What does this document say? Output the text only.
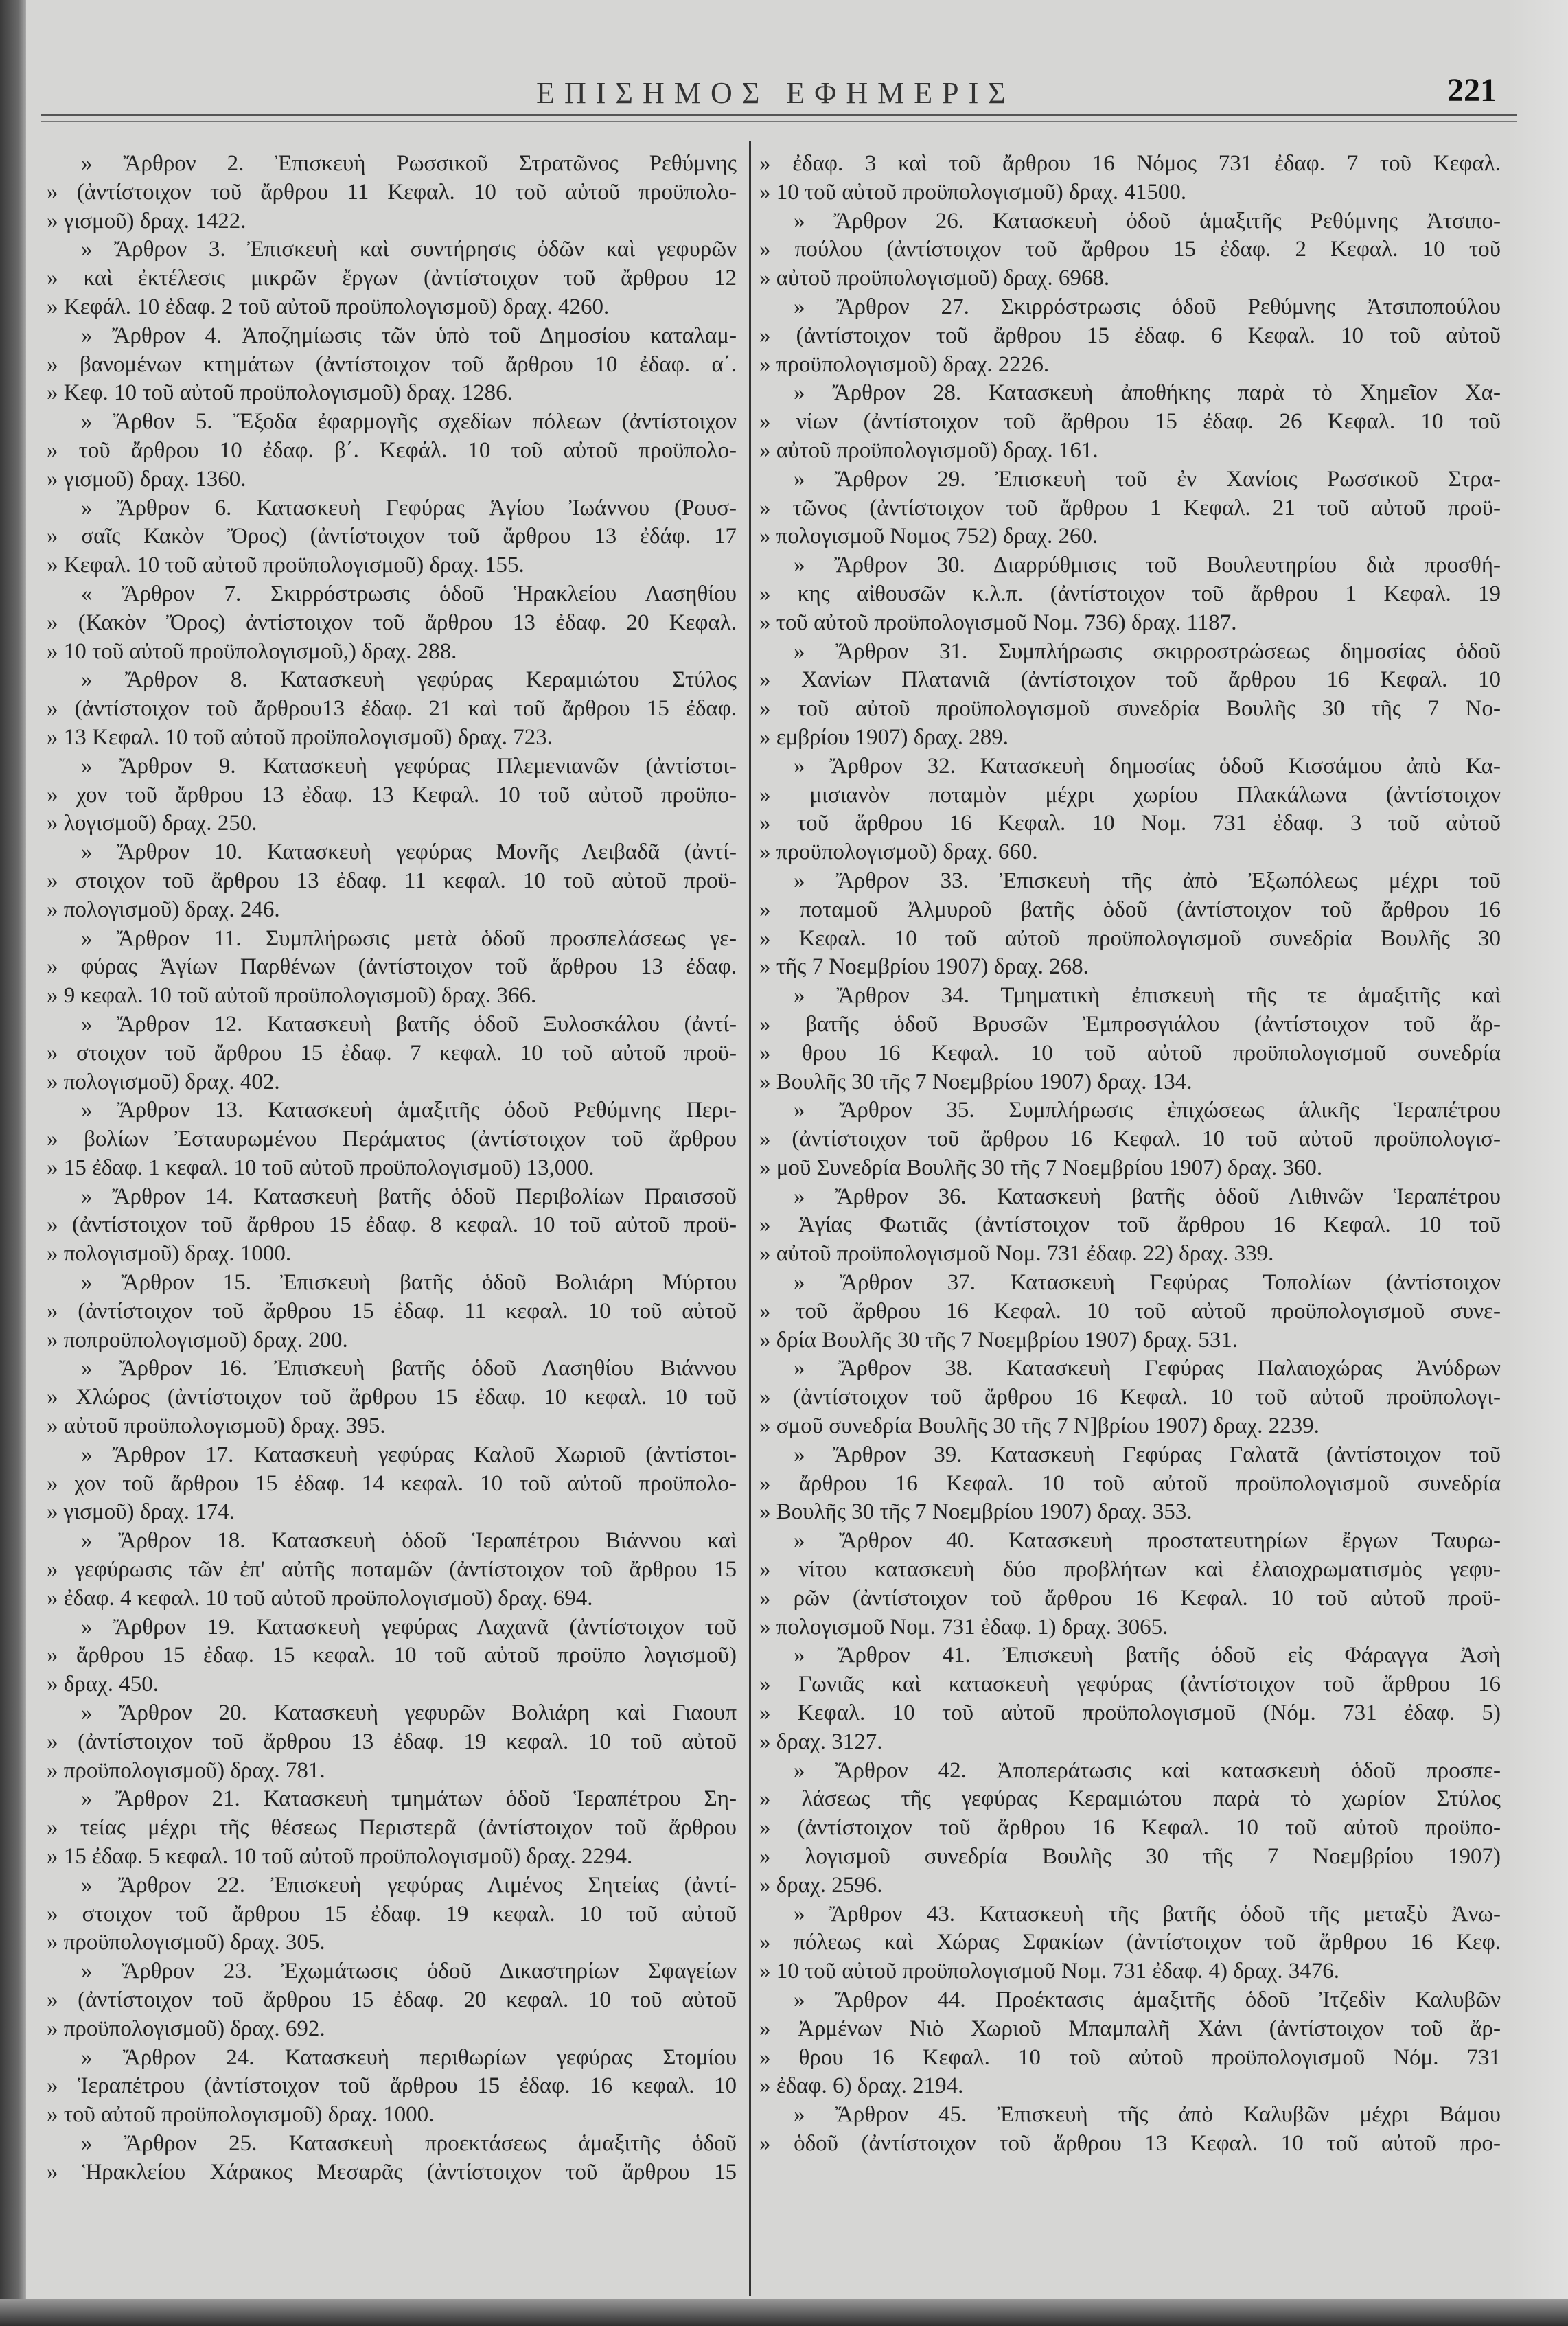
ΕΠΙΣΗΜΟΣ ΕΦΗΜΕΡΙΣ	221
» Ἄρθρον 2. Ἐπισκευὴ Ρωσσικοῦ Στρατῶνος Ρεθύμνης
» (ἀντίστοιχον τοῦ ἄρθρου 11 Κεφαλ. 10 τοῦ αὐτοῦ προϋπολο-
» γισμοῦ) δραχ. 1422.
» Ἄρθρον 3. Ἐπισκευὴ καὶ συντήρησις ὁδῶν καὶ γεφυρῶν
» καὶ ἐκτέλεσις μικρῶν ἔργων (ἀντίστοιχον τοῦ ἄρθρου 12
» Κεφάλ. 10 ἐδαφ. 2 τοῦ αὐτοῦ προϋπολογισμοῦ) δραχ. 4260.
» Ἄρθρον 4. Ἀποζημίωσις τῶν ὑπὸ τοῦ Δημοσίου καταλαμ-
» βανομένων κτημάτων (ἀντίστοιχον τοῦ ἄρθρου 10 ἐδαφ. α΄.
» Κεφ. 10 τοῦ αὐτοῦ προϋπολογισμοῦ) δραχ. 1286.
» Ἄρθον 5. Ἔξοδα ἐφαρμογῆς σχεδίων πόλεων (ἀντίστοιχον
» τοῦ ἄρθρου 10 ἐδαφ. β΄. Κεφάλ. 10 τοῦ αὐτοῦ προϋπολο-
» γισμοῦ) δραχ. 1360.
» Ἄρθρον 6. Κατασκευὴ Γεφύρας Ἁγίου Ἰωάννου (Ρουσ-
» σαῖς Κακὸν Ὄρος) (ἀντίστοιχον τοῦ ἄρθρου 13 ἐδάφ. 17
» Κεφαλ. 10 τοῦ αὐτοῦ προϋπολογισμοῦ) δραχ. 155.
« Ἄρθρον 7. Σκιρρόστρωσις ὁδοῦ Ἡρακλείου Λασηθίου
» (Κακὸν Ὄρος) ἀντίστοιχον τοῦ ἄρθρου 13 ἐδαφ. 20 Κεφαλ.
» 10 τοῦ αὐτοῦ προϋπολογισμοῦ,) δραχ. 288.
» Ἄρθρον 8. Κατασκευὴ γεφύρας Κεραμιώτου Στύλος
» (ἀντίστοιχον τοῦ ἄρθρου13 ἐδαφ. 21 καὶ τοῦ ἄρθρου 15 ἐδαφ.
» 13 Κεφαλ. 10 τοῦ αὐτοῦ προϋπολογισμοῦ) δραχ. 723.
» Ἄρθρον 9. Κατασκευὴ γεφύρας Πλεμενιανῶν (ἀντίστοι-
» χον τοῦ ἄρθρου 13 ἐδαφ. 13 Κεφαλ. 10 τοῦ αὐτοῦ προϋπο-
» λογισμοῦ) δραχ. 250.
» Ἄρθρον 10. Κατασκευὴ γεφύρας Μονῆς Λειβαδᾶ (ἀντί-
» στοιχον τοῦ ἄρθρου 13 ἐδαφ. 11 κεφαλ. 10 τοῦ αὐτοῦ προϋ-
» πολογισμοῦ) δραχ. 246.
» Ἄρθρον 11. Συμπλήρωσις μετὰ ὁδοῦ προσπελάσεως γε-
» φύρας Ἁγίων Παρθένων (ἀντίστοιχον τοῦ ἄρθρου 13 ἐδαφ.
» 9 κεφαλ. 10 τοῦ αὐτοῦ προϋπολογισμοῦ) δραχ. 366.
» Ἄρθρον 12. Κατασκευὴ βατῆς ὁδοῦ Ξυλοσκάλου (ἀντί-
» στοιχον τοῦ ἄρθρου 15 ἐδαφ. 7 κεφαλ. 10 τοῦ αὐτοῦ προϋ-
» πολογισμοῦ) δραχ. 402.
» Ἄρθρον 13. Κατασκευὴ ἁμαξιτῆς ὁδοῦ Ρεθύμνης Περι-
» βολίων Ἐσταυρωμένου Περάματος (ἀντίστοιχον τοῦ ἄρθρου
» 15 ἐδαφ. 1 κεφαλ. 10 τοῦ αὐτοῦ προϋπολογισμοῦ) 13,000.
» Ἄρθρον 14. Κατασκευὴ βατῆς ὁδοῦ Περιβολίων Πραισσοῦ
» (ἀντίστοιχον τοῦ ἄρθρου 15 ἐδαφ. 8 κεφαλ. 10 τοῦ αὐτοῦ προϋ-
» πολογισμοῦ) δραχ. 1000.
» Ἄρθρον 15. Ἐπισκευὴ βατῆς ὁδοῦ Βολιάρη Μύρτου
» (ἀντίστοιχον τοῦ ἄρθρου 15 ἐδαφ. 11 κεφαλ. 10 τοῦ αὐτοῦ
» ποπροϋπολογισμοῦ) δραχ. 200.
» Ἄρθρον 16. Ἐπισκευὴ βατῆς ὁδοῦ Λασηθίου Βιάννου
» Χλώρος (ἀντίστοιχον τοῦ ἄρθρου 15 ἐδαφ. 10 κεφαλ. 10 τοῦ
» αὐτοῦ προϋπολογισμοῦ) δραχ. 395.
» Ἄρθρον 17. Κατασκευὴ γεφύρας Καλοῦ Χωριοῦ (ἀντίστοι-
» χον τοῦ ἄρθρου 15 ἐδαφ. 14 κεφαλ. 10 τοῦ αὐτοῦ προϋπολο-
» γισμοῦ) δραχ. 174.
» Ἄρθρον 18. Κατασκευὴ ὁδοῦ Ἱεραπέτρου Βιάννου καὶ
» γεφύρωσις τῶν ἐπ' αὐτῆς ποταμῶν (ἀντίστοιχον τοῦ ἄρθρου 15
» ἐδαφ. 4 κεφαλ. 10 τοῦ αὐτοῦ προϋπολογισμοῦ) δραχ. 694.
» Ἄρθρον 19. Κατασκευὴ γεφύρας Λαχανᾶ (ἀντίστοιχον τοῦ
» ἄρθρου 15 ἐδαφ. 15 κεφαλ. 10 τοῦ αὐτοῦ προϋπο λογισμοῦ)
» δραχ. 450.
» Ἄρθρον 20. Κατασκευὴ γεφυρῶν Βολιάρη καὶ Γιαουπ
» (ἀντίστοιχον τοῦ ἄρθρου 13 ἐδαφ. 19 κεφαλ. 10 τοῦ αὐτοῦ
» προϋπολογισμοῦ) δραχ. 781.
» Ἄρθρον 21. Κατασκευὴ τμημάτων ὁδοῦ Ἱεραπέτρου Ση-
» τείας μέχρι τῆς θέσεως Περιστερᾶ (ἀντίστοιχον τοῦ ἄρθρου
» 15 ἐδαφ. 5 κεφαλ. 10 τοῦ αὐτοῦ προϋπολογισμοῦ) δραχ. 2294.
» Ἄρθρον 22. Ἐπισκευὴ γεφύρας Λιμένος Σητείας (ἀντί-
» στοιχον τοῦ ἄρθρου 15 ἐδαφ. 19 κεφαλ. 10 τοῦ αὐτοῦ
» προϋπολογισμοῦ) δραχ. 305.
» Ἄρθρον 23. Ἐχωμάτωσις ὁδοῦ Δικαστηρίων Σφαγείων
» (ἀντίστοιχον τοῦ ἄρθρου 15 ἐδαφ. 20 κεφαλ. 10 τοῦ αὐτοῦ
» προϋπολογισμοῦ) δραχ. 692.
» Ἄρθρον 24. Κατασκευὴ περιθωρίων γεφύρας Στομίου
» Ἱεραπέτρου (ἀντίστοιχον τοῦ ἄρθρου 15 ἐδαφ. 16 κεφαλ. 10
» τοῦ αὐτοῦ προϋπολογισμοῦ) δραχ. 1000.
» Ἄρθρον 25. Κατασκευὴ προεκτάσεως ἁμαξιτῆς ὁδοῦ
» Ἡρακλείου Χάρακος Μεσαρᾶς (ἀντίστοιχον τοῦ ἄρθρου 15
» ἐδαφ. 3 καὶ τοῦ ἄρθρου 16 Νόμος 731 ἐδαφ. 7 τοῦ Κεφαλ.
» 10 τοῦ αὐτοῦ προϋπολογισμοῦ) δραχ. 41500.
» Ἄρθρον 26. Κατασκευὴ ὁδοῦ ἁμαξιτῆς Ρεθύμνης Ἀτσιπο-
» πούλου (ἀντίστοιχον τοῦ ἄρθρου 15 ἐδαφ. 2 Κεφαλ. 10 τοῦ
» αὐτοῦ προϋπολογισμοῦ) δραχ. 6968.
» Ἄρθρον 27. Σκιρρόστρωσις ὁδοῦ Ρεθύμνης Ἀτσιποπούλου
» (ἀντίστοιχον τοῦ ἄρθρου 15 ἐδαφ. 6 Κεφαλ. 10 τοῦ αὐτοῦ
» προϋπολογισμοῦ) δραχ. 2226.
» Ἄρθρον 28. Κατασκευὴ ἀποθήκης παρὰ τὸ Χημεῖον Χα-
» νίων (ἀντίστοιχον τοῦ ἄρθρου 15 ἐδαφ. 26 Κεφαλ. 10 τοῦ
» αὐτοῦ προϋπολογισμοῦ) δραχ. 161.
» Ἄρθρον 29. Ἐπισκευὴ τοῦ ἐν Χανίοις Ρωσσικοῦ Στρα-
» τῶνος (ἀντίστοιχον τοῦ ἄρθρου 1 Κεφαλ. 21 τοῦ αὐτοῦ προϋ-
» πολογισμοῦ Νομος 752) δραχ. 260.
» Ἄρθρον 30. Διαρρύθμισις τοῦ Βουλευτηρίου διὰ προσθή-
» κης αἰθουσῶν κ.λ.π. (ἀντίστοιχον τοῦ ἄρθρου 1 Κεφαλ. 19
» τοῦ αὐτοῦ προϋπολογισμοῦ Νομ. 736) δραχ. 1187.
» Ἄρθρον 31. Συμπλήρωσις σκιρροστρώσεως δημοσίας ὁδοῦ
» Χανίων Πλατανιᾶ (ἀντίστοιχον τοῦ ἄρθρου 16 Κεφαλ. 10
» τοῦ αὐτοῦ προϋπολογισμοῦ συνεδρία Βουλῆς 30 τῆς 7 Νο-
» εμβρίου 1907) δραχ. 289.
» Ἄρθρον 32. Κατασκευὴ δημοσίας ὁδοῦ Κισσάμου ἀπὸ Κα-
» μισιανὸν ποταμὸν μέχρι χωρίου Πλακάλωνα (ἀντίστοιχον
» τοῦ ἄρθρου 16 Κεφαλ. 10 Νομ. 731 ἐδαφ. 3 τοῦ αὐτοῦ
» προϋπολογισμοῦ) δραχ. 660.
» Ἄρθρον 33. Ἐπισκευὴ τῆς ἀπὸ Ἐξωπόλεως μέχρι τοῦ
» ποταμοῦ Ἀλμυροῦ βατῆς ὁδοῦ (ἀντίστοιχον τοῦ ἄρθρου 16
» Κεφαλ. 10 τοῦ αὐτοῦ προϋπολογισμοῦ συνεδρία Βουλῆς 30
» τῆς 7 Νοεμβρίου 1907) δραχ. 268.
» Ἄρθρον 34. Τμηματικὴ ἐπισκευὴ τῆς τε ἁμαξιτῆς καὶ
» βατῆς ὁδοῦ Βρυσῶν Ἐμπροσγιάλου (ἀντίστοιχον τοῦ ἄρ-
» θρου 16 Κεφαλ. 10 τοῦ αὐτοῦ προϋπολογισμοῦ συνεδρία
» Βουλῆς 30 τῆς 7 Νοεμβρίου 1907) δραχ. 134.
» Ἄρθρον 35. Συμπλήρωσις ἐπιχώσεως ἁλικῆς Ἱεραπέτρου
» (ἀντίστοιχον τοῦ ἄρθρου 16 Κεφαλ. 10 τοῦ αὐτοῦ προϋπολογισ-
» μοῦ Συνεδρία Βουλῆς 30 τῆς 7 Νοεμβρίου 1907) δραχ. 360.
» Ἄρθρον 36. Κατασκευὴ βατῆς ὁδοῦ Λιθινῶν Ἱεραπέτρου
» Ἁγίας Φωτιᾶς (ἀντίστοιχον τοῦ ἄρθρου 16 Κεφαλ. 10 τοῦ
» αὐτοῦ προϋπολογισμοῦ Νομ. 731 ἐδαφ. 22) δραχ. 339.
» Ἄρθρον 37. Κατασκευὴ Γεφύρας Τοπολίων (ἀντίστοιχον
» τοῦ ἄρθρου 16 Κεφαλ. 10 τοῦ αὐτοῦ προϋπολογισμοῦ συνε-
» δρία Βουλῆς 30 τῆς 7 Νοεμβρίου 1907) δραχ. 531.
» Ἄρθρον 38. Κατασκευὴ Γεφύρας Παλαιοχώρας Ἀνύδρων
» (ἀντίστοιχον τοῦ ἄρθρου 16 Κεφαλ. 10 τοῦ αὐτοῦ προϋπολογι-
» σμοῦ συνεδρία Βουλῆς 30 τῆς 7 Ν]βρίου 1907) δραχ. 2239.
» Ἄρθρον 39. Κατασκευὴ Γεφύρας Γαλατᾶ (ἀντίστοιχον τοῦ
» ἄρθρου 16 Κεφαλ. 10 τοῦ αὐτοῦ προϋπολογισμοῦ συνεδρία
» Βουλῆς 30 τῆς 7 Νοεμβρίου 1907) δραχ. 353.
» Ἄρθρον 40. Κατασκευὴ προστατευτηρίων ἔργων Ταυρω-
» νίτου κατασκευὴ δύο προβλήτων καὶ ἐλαιοχρωματισμὸς γεφυ-
» ρῶν (ἀντίστοιχον τοῦ ἄρθρου 16 Κεφαλ. 10 τοῦ αὐτοῦ προϋ-
» πολογισμοῦ Νομ. 731 ἐδαφ. 1) δραχ. 3065.
» Ἄρθρον 41. Ἐπισκευὴ βατῆς ὁδοῦ εἰς Φάραγγα Ἀσὴ
» Γωνιᾶς καὶ κατασκευὴ γεφύρας (ἀντίστοιχον τοῦ ἄρθρου 16
» Κεφαλ. 10 τοῦ αὐτοῦ προϋπολογισμοῦ (Νόμ. 731 ἐδαφ. 5)
» δραχ. 3127.
» Ἄρθρον 42. Ἀποπεράτωσις καὶ κατασκευὴ ὁδοῦ προσπε-
» λάσεως τῆς γεφύρας Κεραμιώτου παρὰ τὸ χωρίον Στύλος
» (ἀντίστοιχον τοῦ ἄρθρου 16 Κεφαλ. 10 τοῦ αὐτοῦ προϋπο-
» λογισμοῦ συνεδρία Βουλῆς 30 τῆς 7 Νοεμβρίου 1907)
» δραχ. 2596.
» Ἄρθρον 43. Κατασκευὴ τῆς βατῆς ὁδοῦ τῆς μεταξὺ Ἀνω-
» πόλεως καὶ Χώρας Σφακίων (ἀντίστοιχον τοῦ ἄρθρου 16 Κεφ.
» 10 τοῦ αὐτοῦ προϋπολογισμοῦ Νομ. 731 ἐδαφ. 4) δραχ. 3476.
» Ἄρθρον 44. Προέκτασις ἁμαξιτῆς ὁδοῦ Ἰτζεδὶν Καλυβῶν
» Ἀρμένων Νιὸ Χωριοῦ Μπαμπαλῆ Χάνι (ἀντίστοιχον τοῦ ἄρ-
» θρου 16 Κεφαλ. 10 τοῦ αὐτοῦ προϋπολογισμοῦ Νόμ. 731
» ἐδαφ. 6) δραχ. 2194.
» Ἄρθρον 45. Ἐπισκευὴ τῆς ἀπὸ Καλυβῶν μέχρι Βάμου
» ὁδοῦ (ἀντίστοιχον τοῦ ἄρθρου 13 Κεφαλ. 10 τοῦ αὐτοῦ προ-
